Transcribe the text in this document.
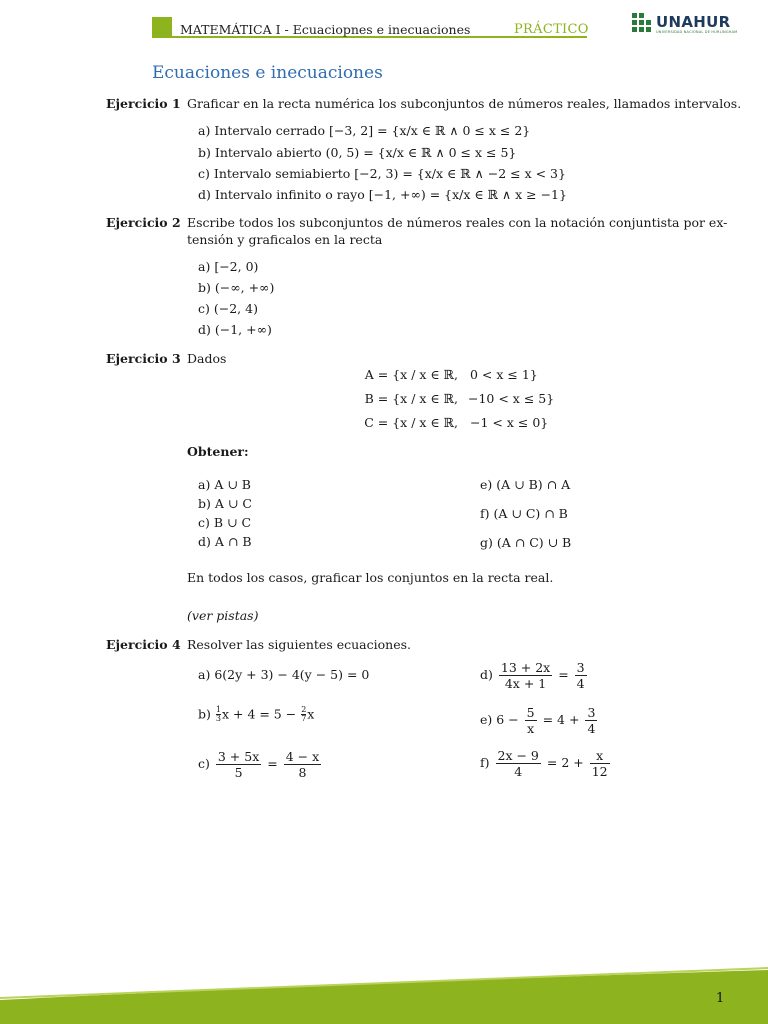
MATEMÁTICA I - Ecuaciopnes e inecuaciones	PRÁCTICO	UNAHUR
UNIVERSIDAD NACIONAL DE HURLINGHAM
Ecuaciones e inecuaciones
Ejercicio 1 Graficar en la recta numérica los subconjuntos de números reales, llamados intervalos.
a) Intervalo cerrado [−3, 2] = {x/x ∈ ℝ ∧ 0 ≤ x ≤ 2}
b) Intervalo abierto (0, 5) = {x/x ∈ ℝ ∧ 0 ≤ x ≤ 5}
c) Intervalo semiabierto [−2, 3) = {x/x ∈ ℝ ∧ −2 ≤ x < 3}
d) Intervalo infinito o rayo [−1, +∞) = {x/x ∈ ℝ ∧ x ≥ −1}
Ejercicio 2 Escribe todos los subconjuntos de números reales con la notación conjuntista por ex-
tensión y graficalos en la recta
a) [−2, 0)
b) (−∞, +∞)
c) (−2, 4)
d) (−1, +∞)
Ejercicio 3 Dados
A = {x / x ∈ ℝ, 0 < x ≤ 1}
B = {x / x ∈ ℝ, −10 < x ≤ 5}
C = {x / x ∈ ℝ, −1 < x ≤ 0}
Obtener:
a) A ∪ B
b) A ∪ C
c) B ∪ C
d) A ∩ B
e) (A ∪ B) ∩ A
f) (A ∪ C) ∩ B
g) (A ∩ C) ∪ B
En todos los casos, graficar los conjuntos en la recta real.
(ver pistas)
Ejercicio 4 Resolver las siguientes ecuaciones.
a) 6(2y + 3) − 4(y − 5) = 0
$b) \frac{1}{3}$ $x + 4 = 5 - \frac{2}{7}$ x
$c) \frac{3 + 5x}{5} = \frac{4 - x}{8}$
$d) \frac{13 + 2x}{4x + 1} = \frac{3}{4}$
e) $6 - \frac{5}{x} = 4 + \frac{3}{4}$
$f) \frac{2x - 9}{4} = 2 + \frac{x}{12}$
1
